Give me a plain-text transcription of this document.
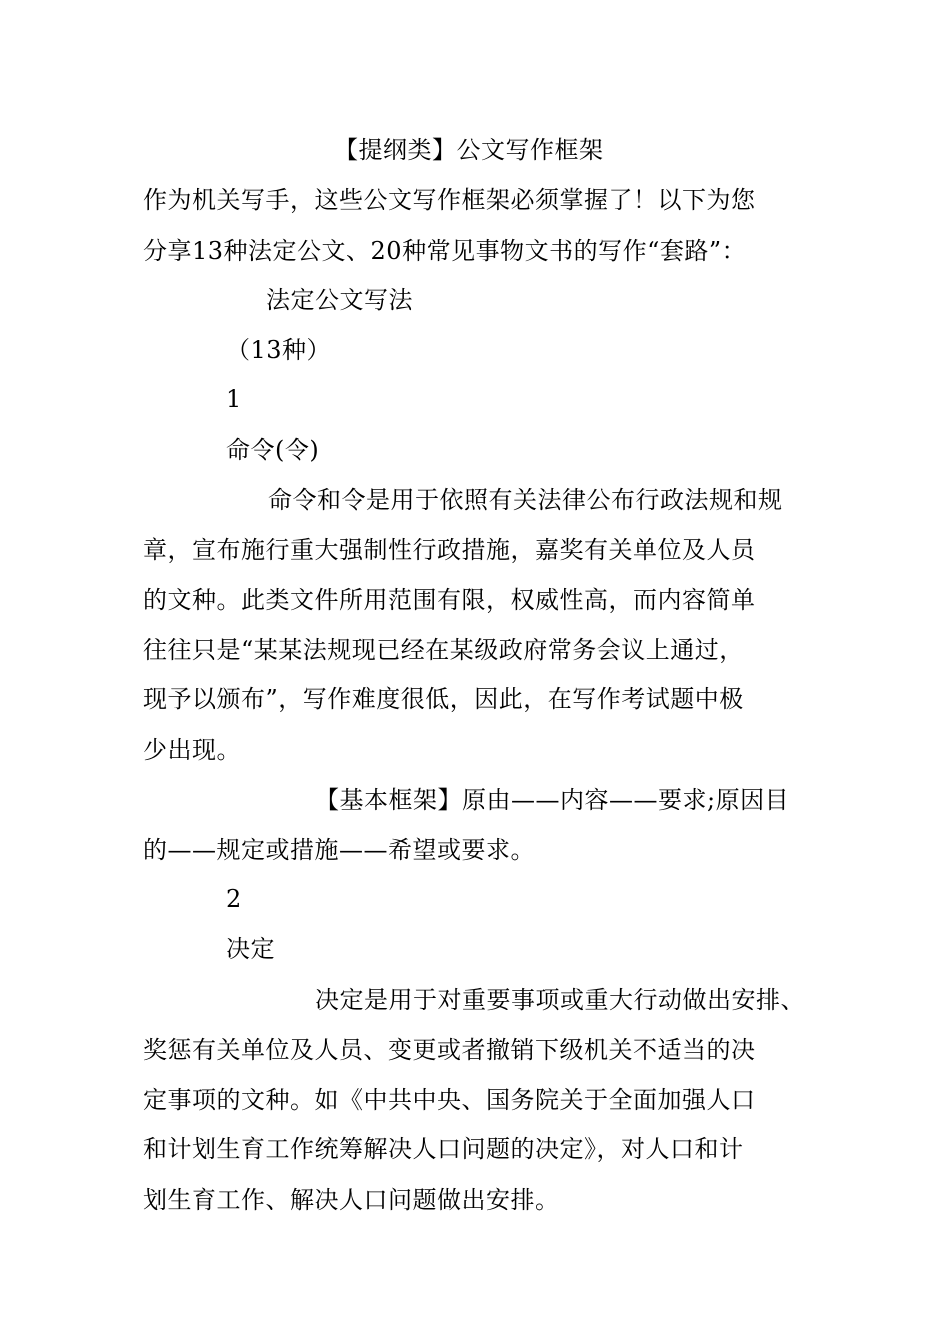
【提纲类】公文写作框架
作为机关写手，这些公文写作框架必须掌握了！以下为您
分享13种法定公文、20种常见事物文书的写作“套路”：
法定公文写法
（13种）
1
命令(令)
命令和令是用于依照有关法律公布行政法规和规
章，宣布施行重大强制性行政措施，嘉奖有关单位及人员
的文种。此类文件所用范围有限，权威性高，而内容简单
往往只是“某某法规现已经在某级政府常务会议上通过，
现予以颁布”，写作难度很低，因此，在写作考试题中极
少出现。
【基本框架】原由——内容——要求;原因目
的——规定或措施——希望或要求。
2
决定
决定是用于对重要事项或重大行动做出安排、
奖惩有关单位及人员、变更或者撤销下级机关不适当的决
定事项的文种。如《中共中央、国务院关于全面加强人口
和计划生育工作统筹解决人口问题的决定》，对人口和计
划生育工作、解决人口问题做出安排。
